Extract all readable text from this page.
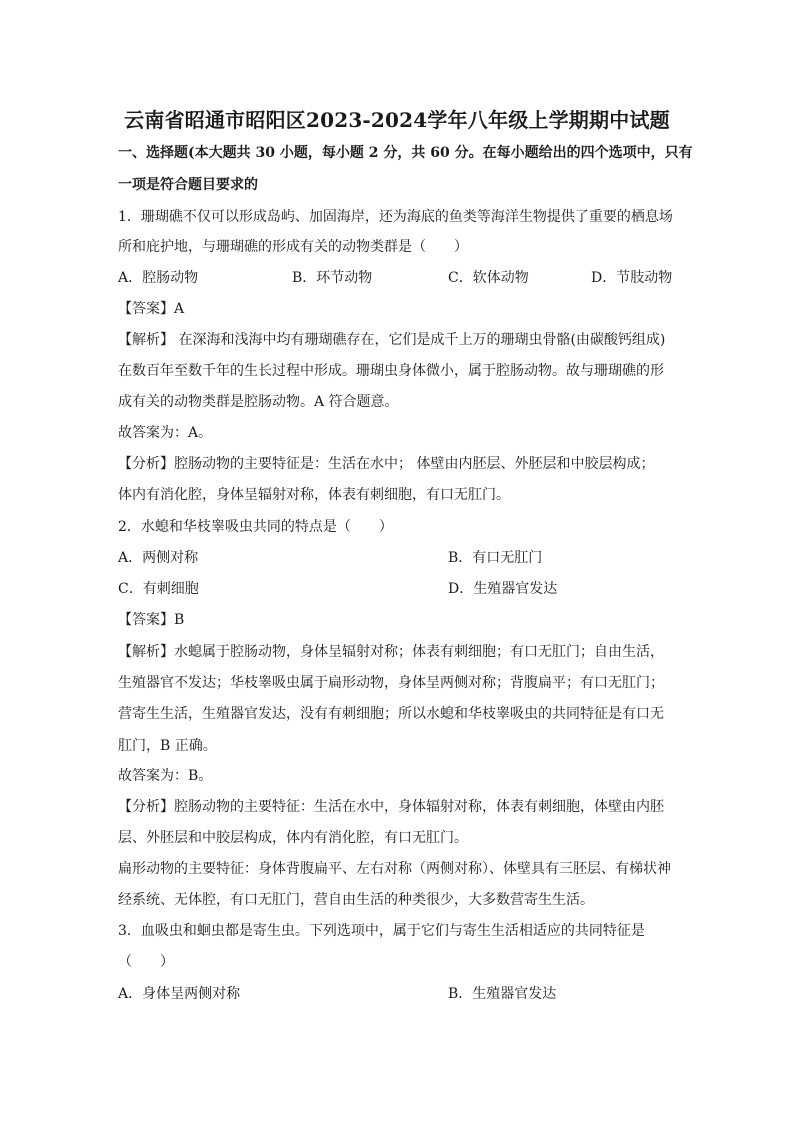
云南省昭通市昭阳区2023-2024学年八年级上学期期中试题
一、选择题(本大题共 30 小题，每小题 2 分，共 60 分。在每小题给出的四个选项中，只有
一项是符合题目要求的
1．珊瑚礁不仅可以形成岛屿、加固海岸，还为海底的鱼类等海洋生物提供了重要的栖息场
所和庇护地，与珊瑚礁的形成有关的动物类群是（　　）
A．腔肠动物	B．环节动物	C．软体动物	D．节肢动物
【答案】A
【解析】 在深海和浅海中均有珊瑚礁存在，它们是成千上万的珊瑚虫骨骼(由碳酸钙组成)
在数百年至数千年的生长过程中形成。珊瑚虫身体微小，属于腔肠动物。故与珊瑚礁的形
成有关的动物类群是腔肠动物。A 符合题意。
故答案为：A。
【分析】腔肠动物的主要特征是：生活在水中； 体壁由内胚层、外胚层和中胶层构成；
体内有消化腔，身体呈辐射对称，体表有刺细胞，有口无肛门。
2．水螅和华枝睾吸虫共同的特点是（　　）
A．两侧对称	B．有口无肛门
C．有刺细胞	D．生殖器官发达
【答案】B
【解析】水螅属于腔肠动物，身体呈辐射对称；体表有刺细胞；有口无肛门；自由生活，
生殖器官不发达；华枝睾吸虫属于扁形动物，身体呈两侧对称；背腹扁平；有口无肛门；
营寄生生活，生殖器官发达，没有有刺细胞；所以水螅和华枝睾吸虫的共同特征是有口无
肛门，B 正确。
故答案为：B。
【分析】腔肠动物的主要特征：生活在水中，身体辐射对称，体表有刺细胞，体壁由内胚
层、外胚层和中胶层构成，体内有消化腔，有口无肛门。
扁形动物的主要特征：身体背腹扁平、左右对称（两侧对称）、体壁具有三胚层、有梯状神
经系统、无体腔，有口无肛门，营自由生活的种类很少，大多数营寄生生活。
3．血吸虫和蛔虫都是寄生虫。下列选项中，属于它们与寄生生活相适应的共同特征是
（　　）
A．身体呈两侧对称	B．生殖器官发达
